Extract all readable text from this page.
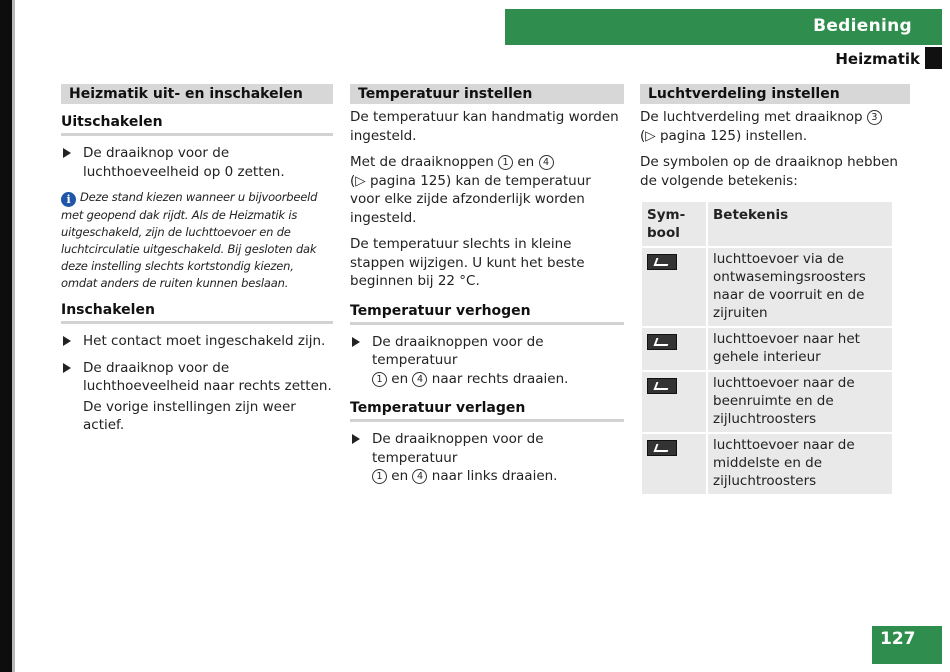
Bediening
Heizmatik
Heizmatik uit- en inschakelen
Uitschakelen
De draaiknop voor de luchthoeveelheid op 0 zetten.
i Deze stand kiezen wanneer u bijvoorbeeld met geopend dak rijdt. Als de Heizmatik is uitgeschakeld, zijn de luchttoevoer en de luchtcirculatie uitgeschakeld. Bij gesloten dak deze instelling slechts kortstondig kiezen, omdat anders de ruiten kunnen beslaan.
Inschakelen
Het contact moet ingeschakeld zijn.
De draaiknop voor de luchthoeveelheid naar rechts zetten.
De vorige instellingen zijn weer actief.
Temperatuur instellen
De temperatuur kan handmatig worden ingesteld.
Met de draaiknoppen 1 en 4
(▷ pagina 125) kan de temperatuur voor elke zijde afzonderlijk worden ingesteld.
De temperatuur slechts in kleine stappen wijzigen. U kunt het beste beginnen bij 22 °C.
Temperatuur verhogen
De draaiknoppen voor de temperatuur
1 en 4 naar rechts draaien.
Temperatuur verlagen
De draaiknoppen voor de temperatuur
1 en 4 naar links draaien.
Luchtverdeling instellen
De luchtverdeling met draaiknop 3
(▷ pagina 125) instellen.
De symbolen op de draaiknop hebben de volgende betekenis:
Symbool	Betekenis

	luchttoevoer via de ontwasemingsroosters naar de voorruit en de zijruiten

	luchttoevoer naar het gehele interieur

	luchttoevoer naar de beenruimte en de zijluchtroosters

	luchttoevoer naar de middelste en de zijluchtroosters
127
